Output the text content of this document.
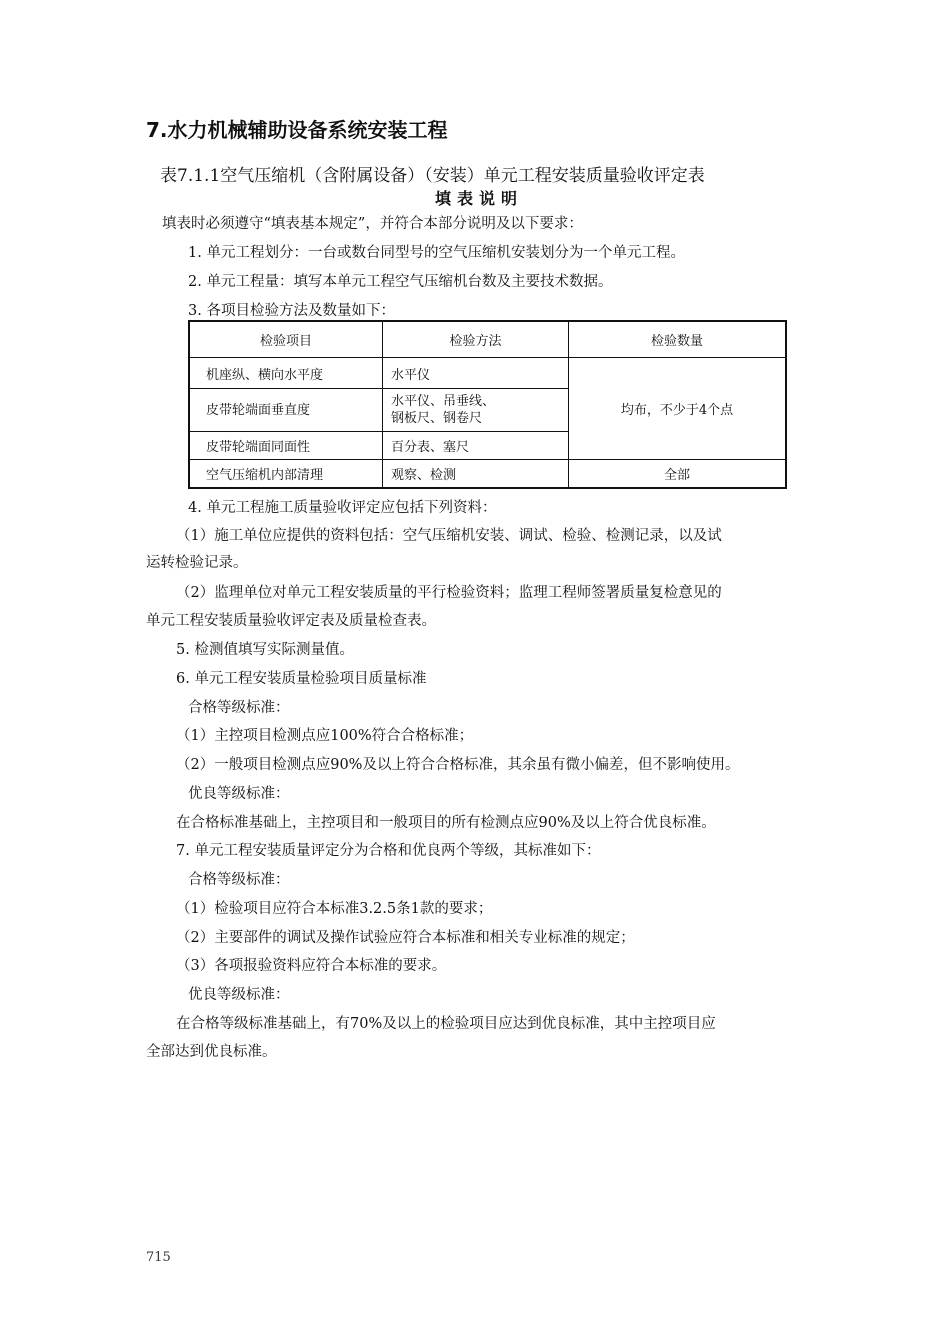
7.水力机械辅助设备系统安装工程
表7.1.1空气压缩机（含附属设备）（安装）单元工程安装质量验收评定表
填表说明
填表时必须遵守“填表基本规定”，并符合本部分说明及以下要求：
1. 单元工程划分：一台或数台同型号的空气压缩机安装划分为一个单元工程。
2. 单元工程量：填写本单元工程空气压缩机台数及主要技术数据。
3. 各项目检验方法及数量如下：
检验项目	检验方法	检验数量
机座纵、横向水平度	水平仪	均布，不少于4个点
皮带轮端面垂直度	水平仪、吊垂线、
钢板尺、钢卷尺	

皮带轮端面同面性	百分表、塞尺	
空气压缩机内部清理	观察、检测	全部
4. 单元工程施工质量验收评定应包括下列资料：
（1）施工单位应提供的资料包括：空气压缩机安装、调试、检验、检测记录，以及试
运转检验记录。
（2）监理单位对单元工程安装质量的平行检验资料；监理工程师签署质量复检意见的
单元工程安装质量验收评定表及质量检查表。
5. 检测值填写实际测量值。
6. 单元工程安装质量检验项目质量标准
合格等级标准：
（1）主控项目检测点应100%符合合格标准；
（2）一般项目检测点应90%及以上符合合格标准，其余虽有微小偏差，但不影响使用。
优良等级标准：
在合格标准基础上，主控项目和一般项目的所有检测点应90%及以上符合优良标准。
7. 单元工程安装质量评定分为合格和优良两个等级，其标准如下：
合格等级标准：
（1）检验项目应符合本标准3.2.5条1款的要求；
（2）主要部件的调试及操作试验应符合本标准和相关专业标准的规定；
（3）各项报验资料应符合本标准的要求。
优良等级标准：
在合格等级标准基础上，有70%及以上的检验项目应达到优良标准，其中主控项目应
全部达到优良标准。
715
